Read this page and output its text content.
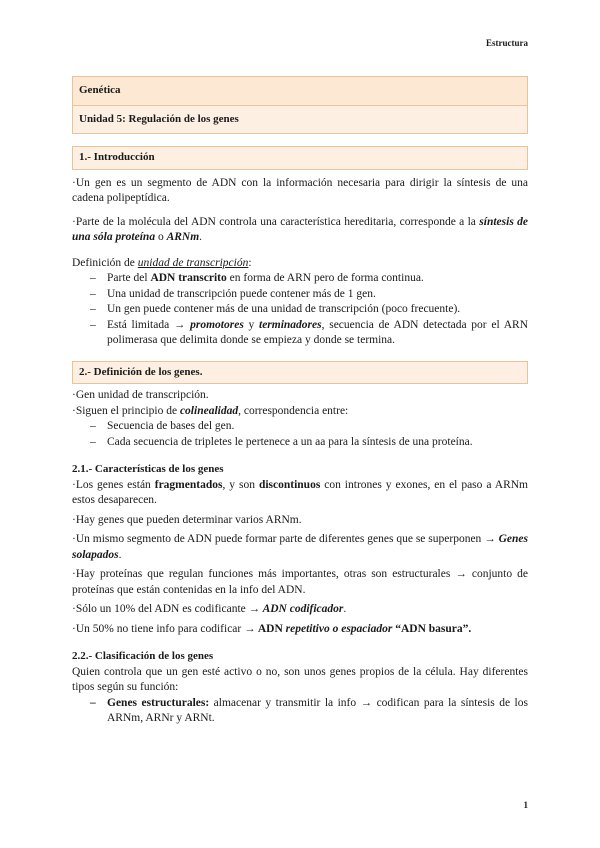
Estructura
Genética
Unidad 5: Regulación de los genes
1.- Introducción

·Un gen es un segmento de ADN con la información necesaria para dirigir la síntesis de una cadena polipeptídica.

·Parte de la molécula del ADN controla una característica hereditaria, corresponde a la síntesis de una sóla proteína o ARNm.

Definición de unidad de transcripción:

– Parte del ADN transcrito en forma de ARN pero de forma continua.
– Una unidad de transcripción puede contener más de 1 gen.
– Un gen puede contener más de una unidad de transcripción (poco frecuente).
– Está limitada → promotores y terminadores, secuencia de ADN detectada por el ARN polimerasa que delimita donde se empieza y donde se termina.
2.- Definición de los genes.

·Gen unidad de transcripción.

·Siguen el principio de colinealidad, correspondencia entre:

– Secuencia de bases del gen.
– Cada secuencia de tripletes le pertenece a un aa para la síntesis de una proteína.
2.1.- Características de los genes

·Los genes están fragmentados, y son discontinuos con intrones y exones, en el paso a ARNm estos desaparecen.

·Hay genes que pueden determinar varios ARNm.

·Un mismo segmento de ADN puede formar parte de diferentes genes que se superponen → Genes solapados.

·Hay proteínas que regulan funciones más importantes, otras son estructurales → conjunto de proteínas que están contenidas en la info del ADN.

·Sólo un 10% del ADN es codificante → ADN codificador.

·Un 50% no tiene info para codificar → ADN repetitivo o espaciador “ADN basura”.

2.2.- Clasificación de los genes

Quien controla que un gen esté activo o no, son unos genes propios de la célula. Hay diferentes tipos según su función:

– Genes estructurales: almacenar y transmitir la info → codifican para la síntesis de los ARNm, ARNr y ARNt.
1
